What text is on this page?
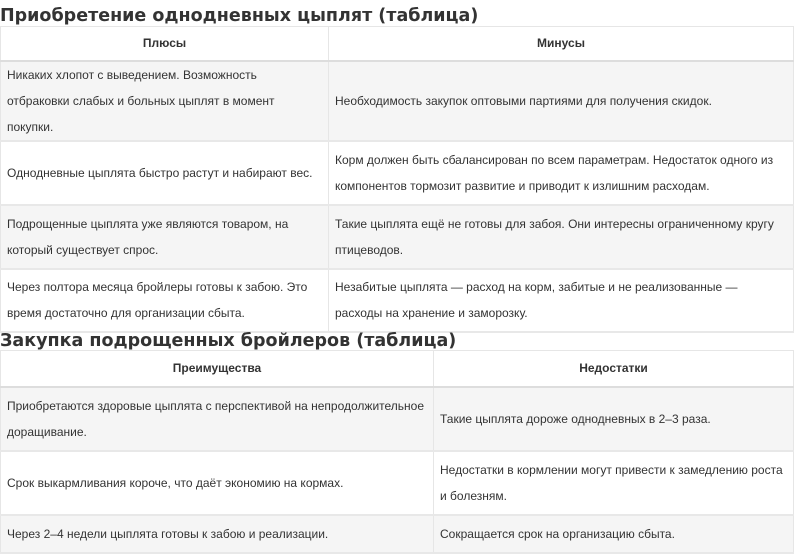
Приобретение однодневных цыплят (таблица)
Плюсы	Минусы
Никаких хлопот с выведением. Возможность отбраковки слабых и больных цыплят в момент покупки.	Необходимость закупок оптовыми партиями для получения скидок.
Однодневные цыплята быстро растут и набирают вес.	Корм должен быть сбалансирован по всем параметрам. Недостаток одного из компонентов тормозит развитие и приводит к излишним расходам.
Подрощенные цыплята уже являются товаром, на который существует спрос.	Такие цыплята ещё не готовы для забоя. Они интересны ограниченному кругу птицеводов.
Через полтора месяца бройлеры готовы к забою. Это время достаточно для организации сбыта.	Незабитые цыплята — расход на корм, забитые и не реализованные — расходы на хранение и заморозку.
Закупка подрощенных бройлеров (таблица)
Преимущества	Недостатки
Приобретаются здоровые цыплята с перспективой на непродолжительное доращивание.	Такие цыплята дороже однодневных в 2–3 раза.
Срок выкармливания короче, что даёт экономию на кормах.	Недостатки в кормлении могут привести к замедлению роста и болезням.
Через 2–4 недели цыплята готовы к забою и реализации.	Сокращается срок на организацию сбыта.
